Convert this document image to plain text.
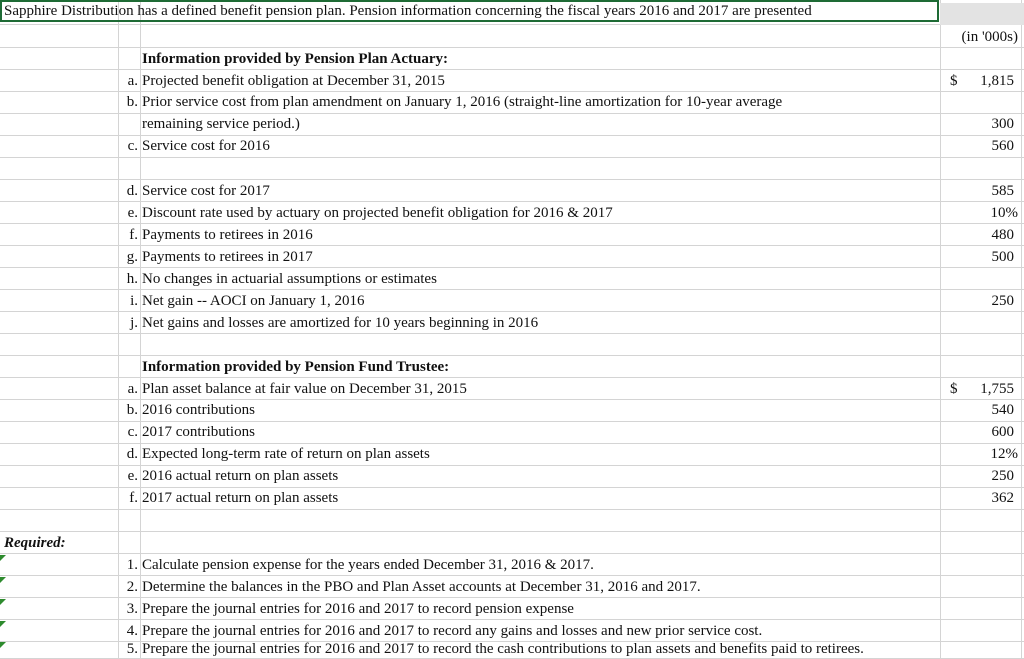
Sapphire Distribution has a defined benefit pension plan. Pension information concerning the fiscal years 2016 and 2017 are presented
(in '000s)
Information provided by Pension Plan Actuary:
a. Projected benefit obligation at December 31, 2015	$	1,815
b. Prior service cost from plan amendment on January 1, 2016 (straight-line amortization for 10-year average
remaining service period.)	300
c. Service cost for 2016	560
d. Service cost for 2017	585
e. Discount rate used by actuary on projected benefit obligation for 2016 & 2017	10%
f. Payments to retirees in 2016	480
g. Payments to retirees in 2017	500
h. No changes in actuarial assumptions or estimates
i. Net gain -- AOCI on January 1, 2016	250
j. Net gains and losses are amortized for 10 years beginning in 2016
Information provided by Pension Fund Trustee:
a. Plan asset balance at fair value on December 31, 2015	$	1,755
b. 2016 contributions	540
c. 2017 contributions	600
d. Expected long-term rate of return on plan assets	12%
e. 2016 actual return on plan assets	250
f. 2017 actual return on plan assets	362
Required:
1. Calculate pension expense for the years ended December 31, 2016 & 2017.
2. Determine the balances in the PBO and Plan Asset accounts at December 31, 2016 and 2017.
3. Prepare the journal entries for 2016 and 2017 to record pension expense
4. Prepare the journal entries for 2016 and 2017 to record any gains and losses and new prior service cost.
5. Prepare the journal entries for 2016 and 2017 to record the cash contributions to plan assets and benefits paid to retirees.
